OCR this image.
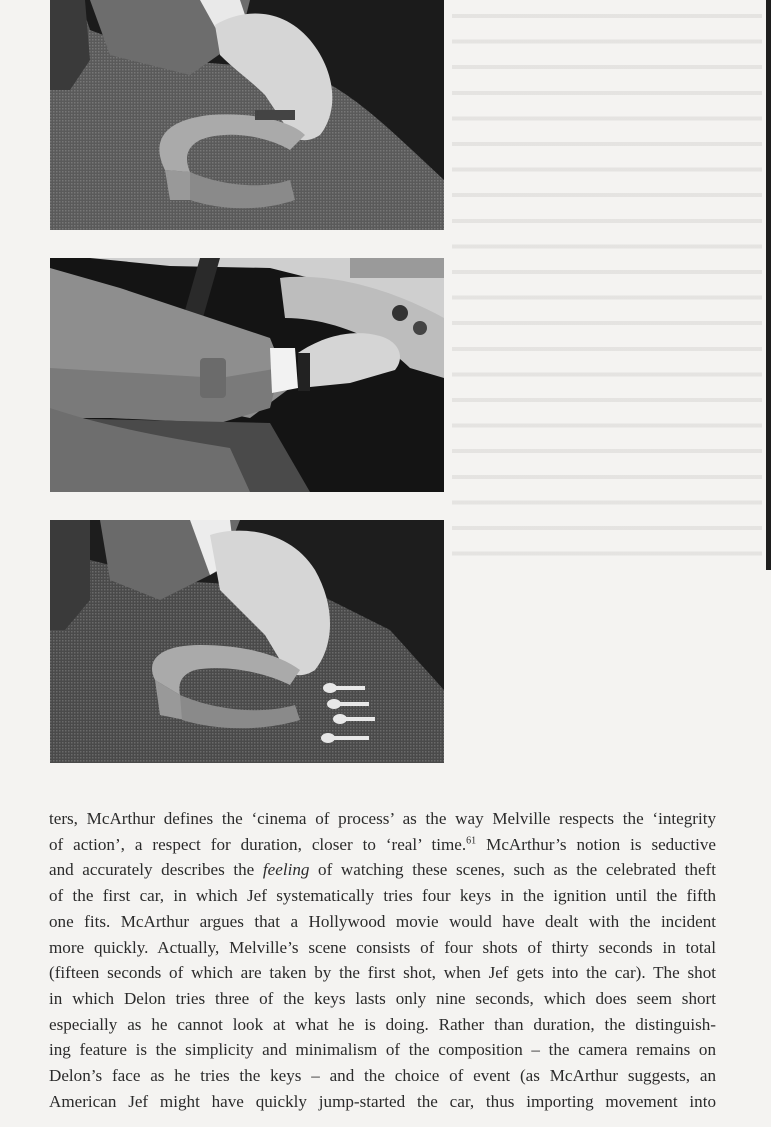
ters, McArthur defines the ‘cinema of process’ as the way Melville respects the ‘integrity
of action’, a respect for duration, closer to ‘real’ time.$^{61}$ McArthur’s notion is seductive
and accurately describes the feeling of watching these scenes, such as the celebrated theft
of the first car, in which Jef systematically tries four keys in the ignition until the fifth
one fits. McArthur argues that a Hollywood movie would have dealt with the incident
more quickly. Actually, Melville’s scene consists of four shots of thirty seconds in total
(fifteen seconds of which are taken by the first shot, when Jef gets into the car). The shot
in which Delon tries three of the keys lasts only nine seconds, which does seem short
especially as he cannot look at what he is doing. Rather than duration, the distinguish-
ing feature is the simplicity and minimalism of the composition – the camera remains on
Delon’s face as he tries the keys – and the choice of event (as McArthur suggests, an
American Jef might have quickly jump-started the car, thus importing movement into
